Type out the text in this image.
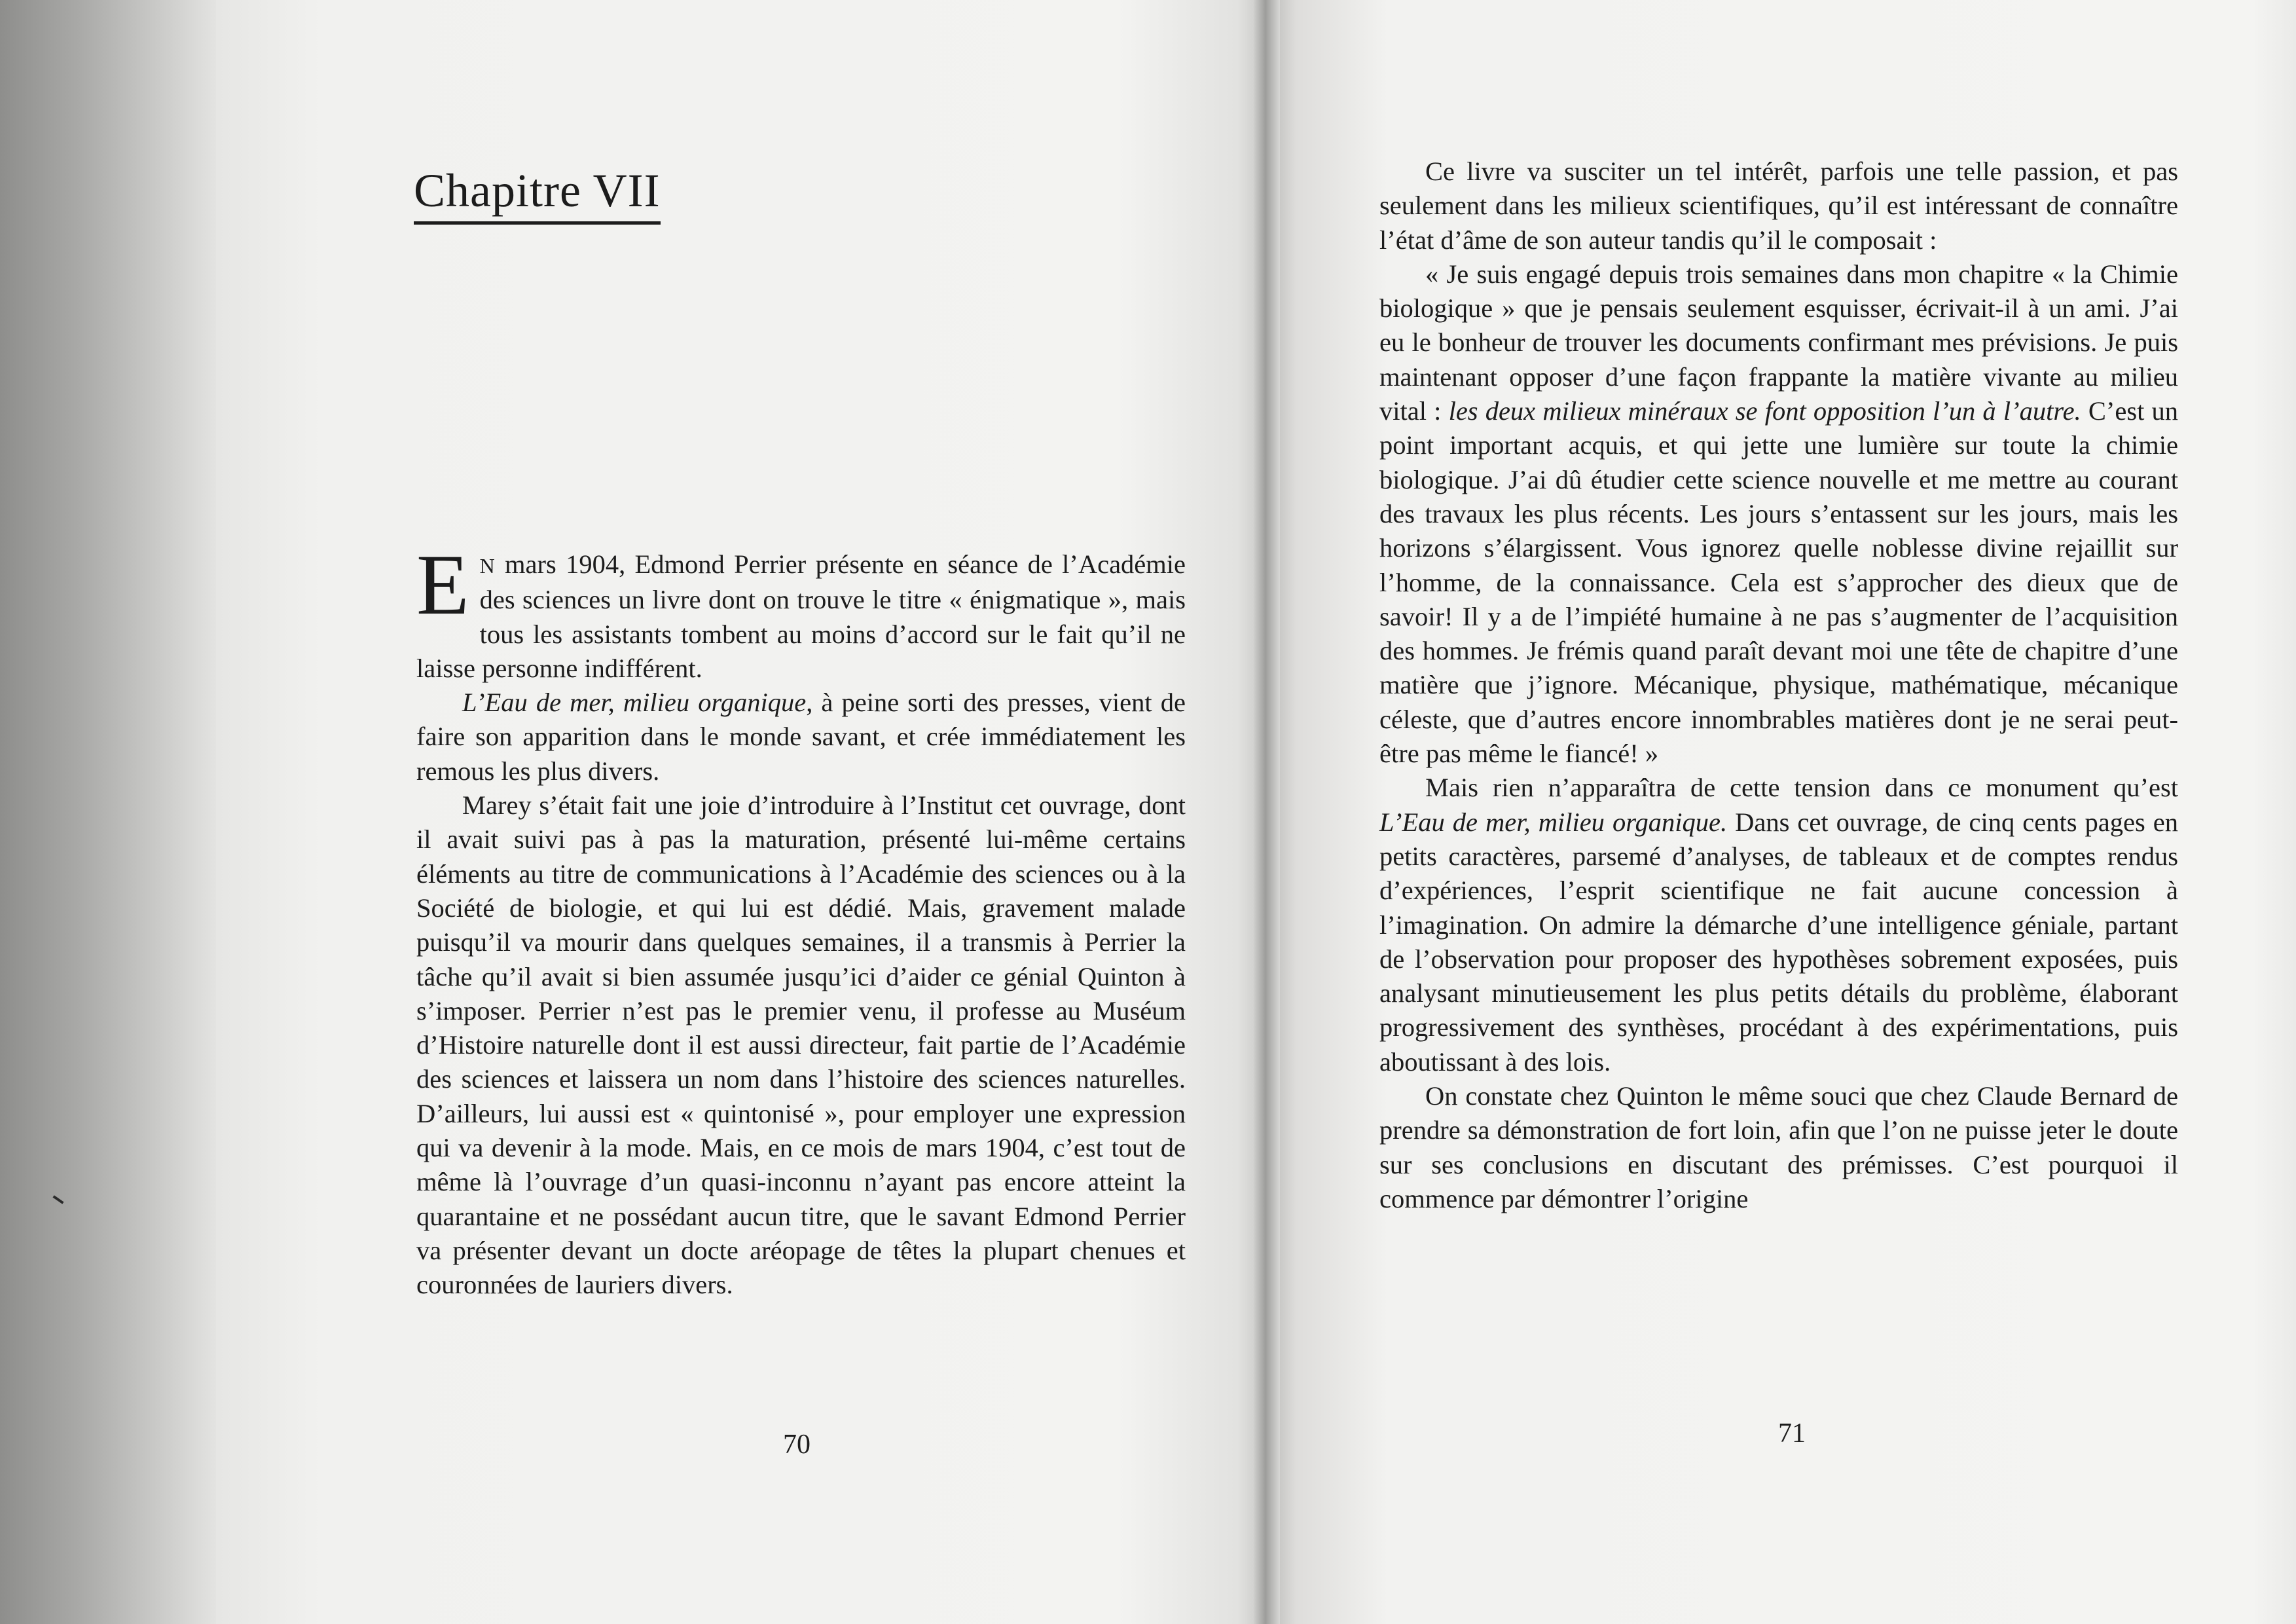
Chapitre VII

E N mars 1904, Edmond Perrier présente en séance de l’Académie des sciences un livre dont on trouve le titre « énigmatique », mais tous les assistants tombent au moins d’accord sur le fait qu’il ne laisse personne indifférent.

L’Eau de mer, milieu organique, à peine sorti des presses, vient de faire son apparition dans le monde savant, et crée immédiatement les remous les plus divers.

Marey s’était fait une joie d’introduire à l’Institut cet ouvrage, dont il avait suivi pas à pas la maturation, présenté lui-même certains éléments au titre de communications à l’Académie des sciences ou à la Société de biologie, et qui lui est dédié. Mais, gravement malade puisqu’il va mourir dans quelques semaines, il a transmis à Perrier la tâche qu’il avait si bien assumée jusqu’ici d’aider ce génial Quinton à s’imposer. Perrier n’est pas le premier venu, il professe au Muséum d’Histoire naturelle dont il est aussi directeur, fait partie de l’Académie des sciences et laissera un nom dans l’histoire des sciences naturelles. D’ailleurs, lui aussi est « quintonisé », pour employer une expression qui va devenir à la mode. Mais, en ce mois de mars 1904, c’est tout de même là l’ouvrage d’un quasi-inconnu n’ayant pas encore atteint la quarantaine et ne possédant aucun titre, que le savant Edmond Perrier va présenter devant un docte aréopage de têtes la plupart chenues et couronnées de lauriers divers.

70

Ce livre va susciter un tel intérêt, parfois une telle passion, et pas seulement dans les milieux scientifiques, qu’il est intéressant de connaître l’état d’âme de son auteur tandis qu’il le composait :

« Je suis engagé depuis trois semaines dans mon chapitre « la Chimie biologique » que je pensais seulement esquisser, écrivait-il à un ami. J’ai eu le bonheur de trouver les documents confirmant mes prévisions. Je puis maintenant opposer d’une façon frappante la matière vivante au milieu vital : les deux milieux minéraux se font opposition l’un à l’autre. C’est un point important acquis, et qui jette une lumière sur toute la chimie biologique. J’ai dû étudier cette science nouvelle et me mettre au courant des travaux les plus récents. Les jours s’entassent sur les jours, mais les horizons s’élargissent. Vous ignorez quelle noblesse divine rejaillit sur l’homme, de la connaissance. Cela est s’approcher des dieux que de savoir! Il y a de l’impiété humaine à ne pas s’augmenter de l’acquisition des hommes. Je frémis quand paraît devant moi une tête de chapitre d’une matière que j’ignore. Mécanique, physique, mathématique, mécanique céleste, que d’autres encore innombrables matières dont je ne serai peut-être pas même le fiancé! »

Mais rien n’apparaîtra de cette tension dans ce monument qu’est L’Eau de mer, milieu organique. Dans cet ouvrage, de cinq cents pages en petits caractères, parsemé d’analyses, de tableaux et de comptes rendus d’expériences, l’esprit scientifique ne fait aucune concession à l’imagination. On admire la démarche d’une intelligence géniale, partant de l’observation pour proposer des hypothèses sobrement exposées, puis analysant minutieusement les plus petits détails du problème, élaborant progressivement des synthèses, procédant à des expérimentations, puis aboutissant à des lois.

On constate chez Quinton le même souci que chez Claude Bernard de prendre sa démonstration de fort loin, afin que l’on ne puisse jeter le doute sur ses conclusions en discutant des prémisses. C’est pourquoi il commence par démontrer l’origine

71
